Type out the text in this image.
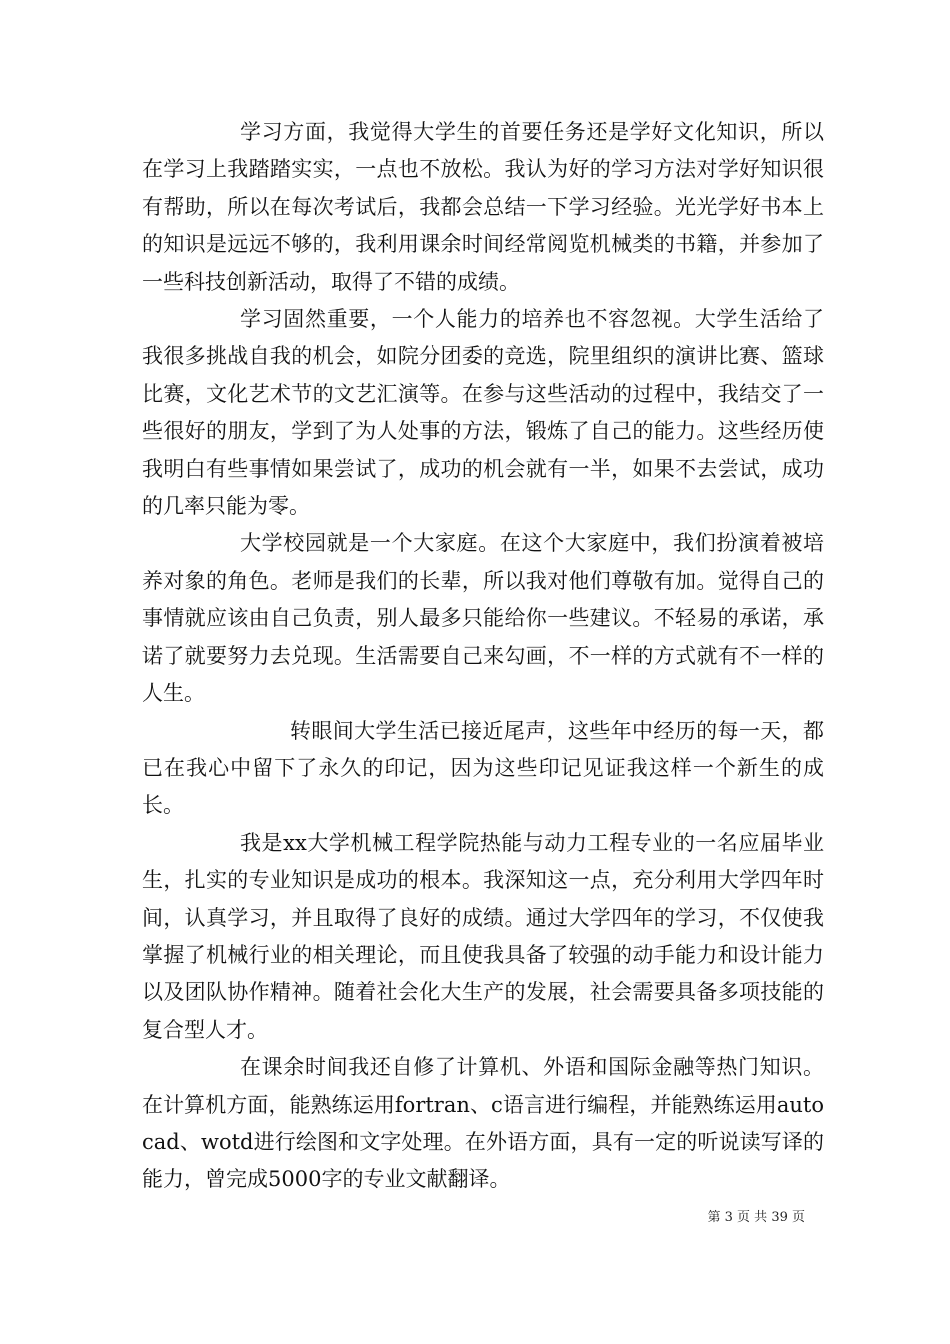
学习方面，我觉得大学生的首要任务还是学好文化知识，所以在学习上我踏踏实实，一点也不放松。我认为好的学习方法对学好知识很有帮助，所以在每次考试后，我都会总结一下学习经验。光光学好书本上的知识是远远不够的，我利用课余时间经常阅览机械类的书籍，并参加了一些科技创新活动，取得了不错的成绩。

学习固然重要，一个人能力的培养也不容忽视。大学生活给了我很多挑战自我的机会，如院分团委的竞选，院里组织的演讲比赛、篮球比赛，文化艺术节的文艺汇演等。在参与这些活动的过程中，我结交了一些很好的朋友，学到了为人处事的方法，锻炼了自己的能力。这些经历使我明白有些事情如果尝试了，成功的机会就有一半，如果不去尝试，成功的几率只能为零。

大学校园就是一个大家庭。在这个大家庭中，我们扮演着被培养对象的角色。老师是我们的长辈，所以我对他们尊敬有加。觉得自己的事情就应该由自己负责，别人最多只能给你一些建议。不轻易的承诺，承诺了就要努力去兑现。生活需要自己来勾画，不一样的方式就有不一样的人生。

转眼间大学生活已接近尾声，这些年中经历的每一天，都已在我心中留下了永久的印记，因为这些印记见证我这样一个新生的成长。

我是xx大学机械工程学院热能与动力工程专业的一名应届毕业生，扎实的专业知识是成功的根本。我深知这一点，充分利用大学四年时间，认真学习，并且取得了良好的成绩。通过大学四年的学习，不仅使我掌握了机械行业的相关理论，而且使我具备了较强的动手能力和设计能力以及团队协作精神。随着社会化大生产的发展，社会需要具备多项技能的复合型人才。

在课余时间我还自修了计算机、外语和国际金融等热门知识。在计算机方面，能熟练运用fortran、c语言进行编程，并能熟练运用autocad、wotd进行绘图和文字处理。在外语方面，具有一定的听说读写译的能力，曾完成5000字的专业文献翻译。

第 3 页 共 39 页
